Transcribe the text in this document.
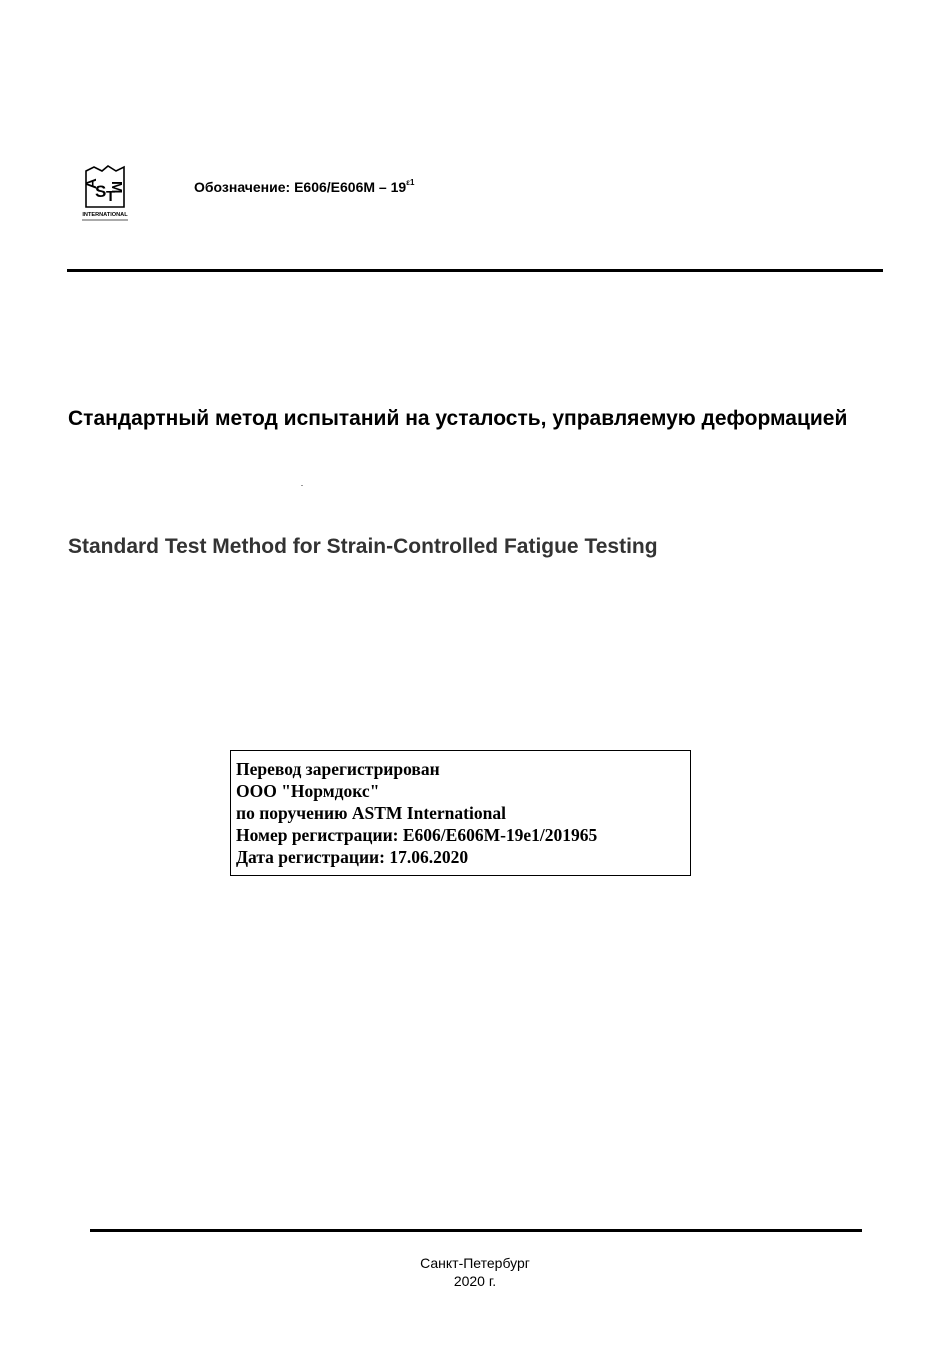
A
S T
M
INTERNATIONAL
Обозначение: $E606/E606M - 19^{\varepsilon 1}$
Стандартный метод испытаний на усталость, управляемую деформацией
Standard Test Method for Strain-Controlled Fatigue Testing
Перевод зарегистрирован
ООО "Нормдокс"
по поручению ASTM International
Номер регистрации: E606/E606M-19e1/201965
Дата регистрации: 17.06.2020
Санкт-Петербург
2020 г.
